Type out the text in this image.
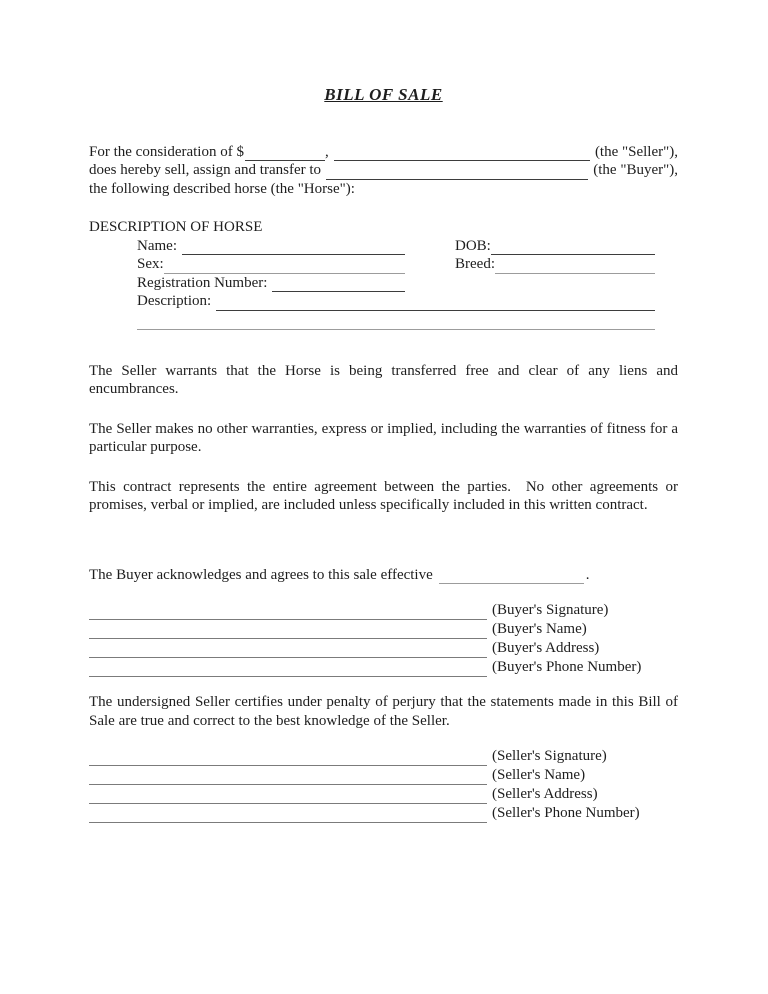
BILL OF SALE
For the consideration of $	,	(the "Seller"),
does hereby sell, assign and transfer to	(the "Buyer"),
the following described horse (the "Horse"):
DESCRIPTION OF HORSE
Name:	DOB:
Sex:	Breed:
Registration Number:
Description:

The Seller warrants that the Horse is being transferred free and clear of any liens and encumbrances.

The Seller makes no other warranties, express or implied, including the warranties of fitness for a particular purpose.

This contract represents the entire agreement between the parties.  No other agreements or promises, verbal or implied, are included unless specifically included in this written contract.

The Buyer acknowledges and agrees to this sale effective	.
(Buyer's Signature)
(Buyer's Name)
(Buyer's Address)
(Buyer's Phone Number)

The undersigned Seller certifies under penalty of perjury that the statements made in this Bill of Sale are true and correct to the best knowledge of the Seller.

(Seller's Signature)
(Seller's Name)
(Seller's Address)
(Seller's Phone Number)
